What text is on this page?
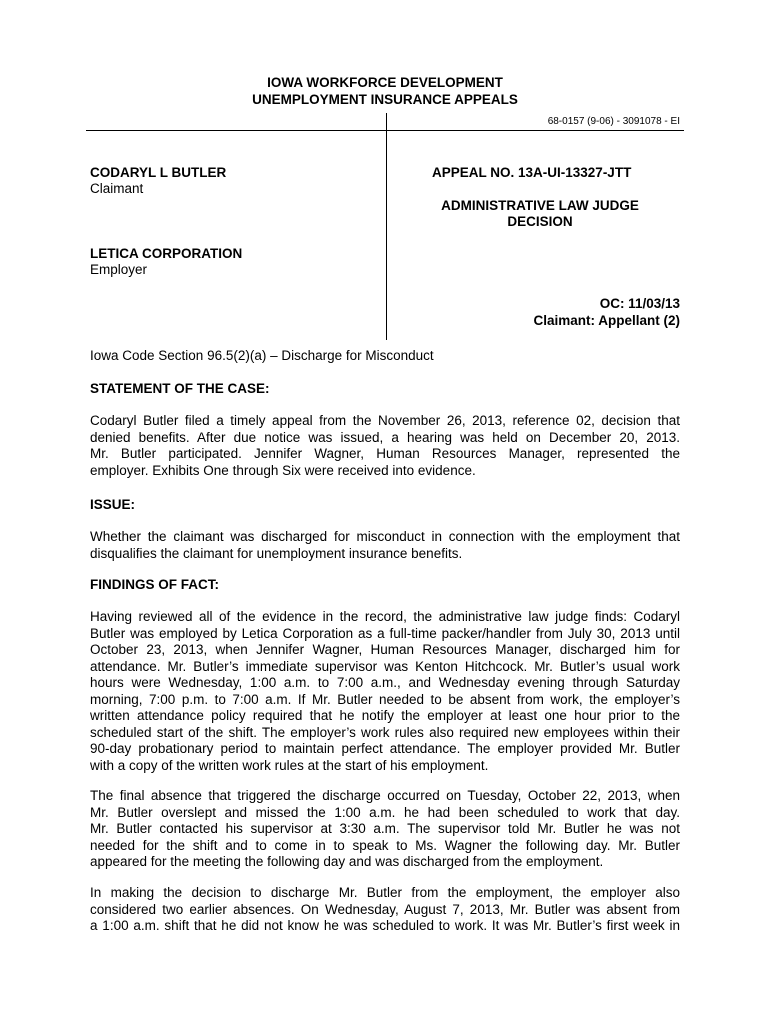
IOWA WORKFORCE DEVELOPMENT
UNEMPLOYMENT INSURANCE APPEALS
68-0157 (9-06) - 3091078 - EI
CODARYL L BUTLER
Claimant
LETICA CORPORATION
Employer
APPEAL NO. 13A-UI-13327-JTT
ADMINISTRATIVE LAW JUDGE
DECISION
OC: 11/03/13
Claimant: Appellant (2)
Iowa Code Section 96.5(2)(a) – Discharge for Misconduct
STATEMENT OF THE CASE:
Codaryl Butler filed a timely appeal from the November 26, 2013, reference 02, decision that
denied benefits. After due notice was issued, a hearing was held on December 20, 2013.
Mr. Butler participated. Jennifer Wagner, Human Resources Manager, represented the
employer. Exhibits One through Six were received into evidence.
ISSUE:
Whether the claimant was discharged for misconduct in connection with the employment that
disqualifies the claimant for unemployment insurance benefits.
FINDINGS OF FACT:
Having reviewed all of the evidence in the record, the administrative law judge finds: Codaryl
Butler was employed by Letica Corporation as a full-time packer/handler from July 30, 2013 until
October 23, 2013, when Jennifer Wagner, Human Resources Manager, discharged him for
attendance. Mr. Butler’s immediate supervisor was Kenton Hitchcock. Mr. Butler’s usual work
hours were Wednesday, 1:00 a.m. to 7:00 a.m., and Wednesday evening through Saturday
morning, 7:00 p.m. to 7:00 a.m. If Mr. Butler needed to be absent from work, the employer’s
written attendance policy required that he notify the employer at least one hour prior to the
scheduled start of the shift. The employer’s work rules also required new employees within their
90-day probationary period to maintain perfect attendance. The employer provided Mr. Butler
with a copy of the written work rules at the start of his employment.
The final absence that triggered the discharge occurred on Tuesday, October 22, 2013, when
Mr. Butler overslept and missed the 1:00 a.m. he had been scheduled to work that day.
Mr. Butler contacted his supervisor at 3:30 a.m. The supervisor told Mr. Butler he was not
needed for the shift and to come in to speak to Ms. Wagner the following day. Mr. Butler
appeared for the meeting the following day and was discharged from the employment.
In making the decision to discharge Mr. Butler from the employment, the employer also
considered two earlier absences. On Wednesday, August 7, 2013, Mr. Butler was absent from
a 1:00 a.m. shift that he did not know he was scheduled to work. It was Mr. Butler’s first week in
